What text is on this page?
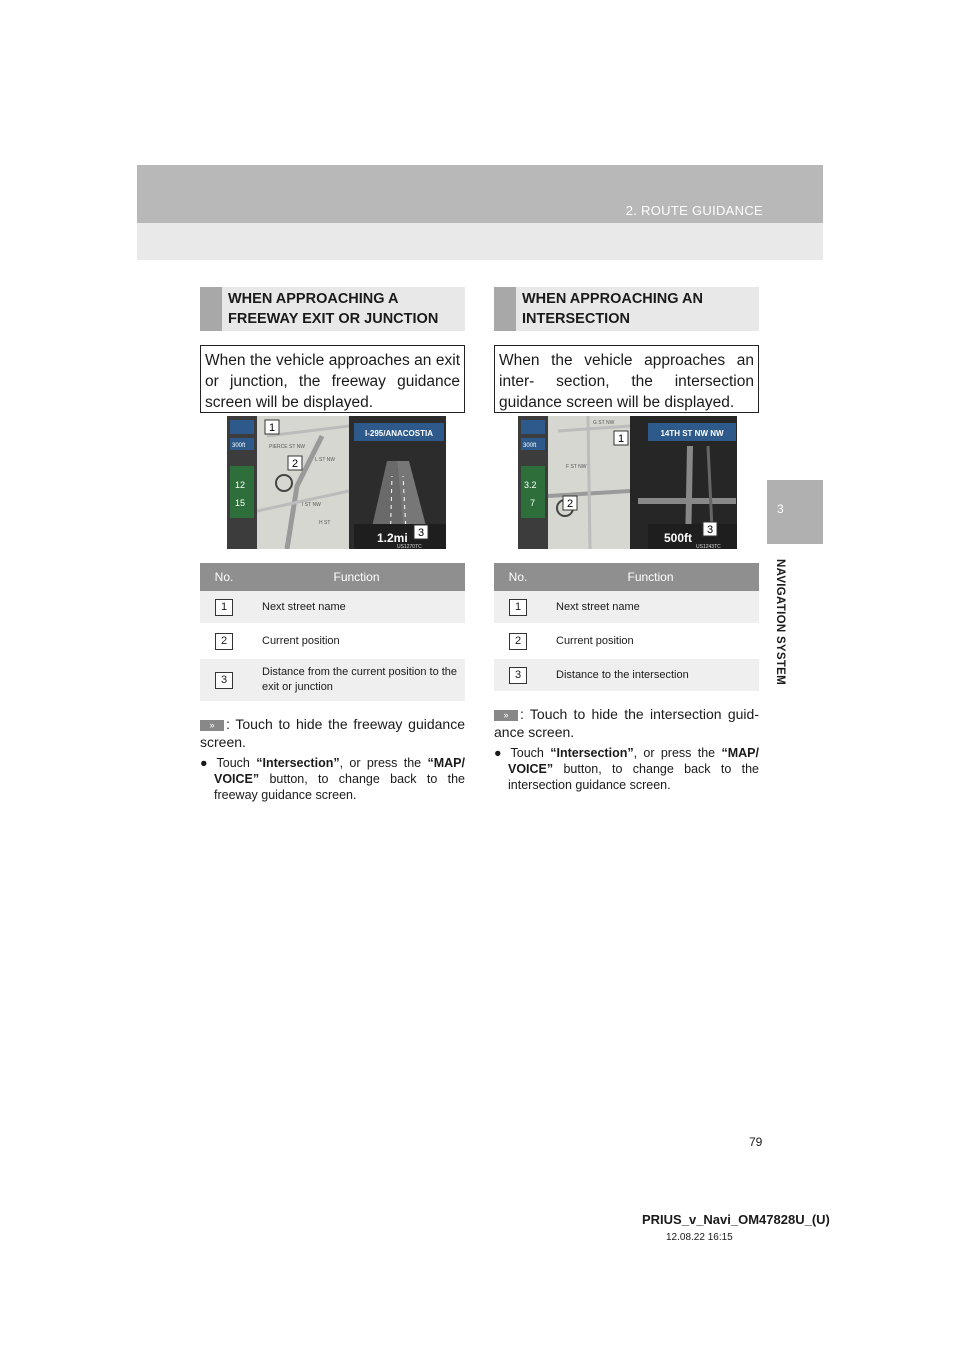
2. ROUTE GUIDANCE
3
NAVIGATION SYSTEM
WHEN APPROACHING A
FREEWAY EXIT OR JUNCTION
When the vehicle approaches an exit or junction, the freeway guidance screen will be displayed.
1
2
3
I-295/ANACOSTIA
1.2mi
US1270TC
PIERCE ST NW
L ST NW
I ST NW
H ST
300ft
12
15
No.	Function
1	Next street name
2	Current position
3	Distance from the current position to the exit or junction
» : Touch to hide the freeway guidance screen.
● Touch “Intersection”, or press the “MAP/ VOICE” button, to change back to the freeway guidance screen.
WHEN APPROACHING AN
INTERSECTION
When the vehicle approaches an inter- section, the intersection guidance screen will be displayed.
1
2
3
14TH ST NW NW
500ft
US1243TC
G ST NW
F ST NW
300ft
3.2
7
No.	Function
1	Next street name
2	Current position
3	Distance to the intersection
» : Touch to hide the intersection guid- ance screen.
● Touch “Intersection”, or press the “MAP/ VOICE” button, to change back to the intersection guidance screen.
79
PRIUS_v_Navi_OM47828U_(U)
12.08.22 16:15
